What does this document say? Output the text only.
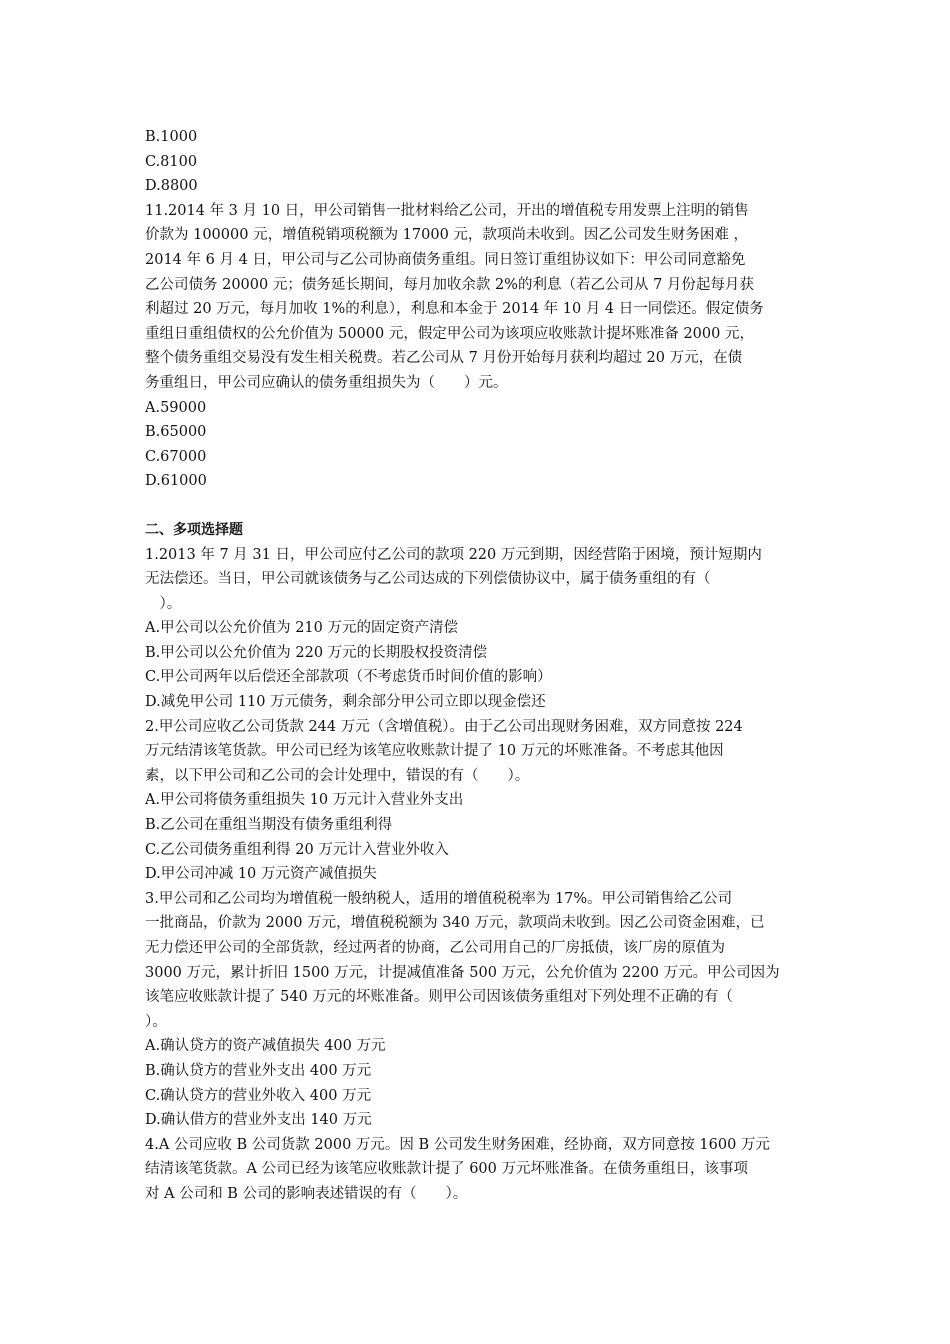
B.1000
C.8100
D.8800
11.2014 年 3 月 10 日，甲公司销售一批材料给乙公司，开出的增值税专用发票上注明的销售
价款为 100000 元，增值税销项税额为 17000 元，款项尚未收到。因乙公司发生财务困难 ，
2014 年 6 月 4 日，甲公司与乙公司协商债务重组。同日签订重组协议如下：甲公司同意豁免
乙公司债务 20000 元；债务延长期间，每月加收余款 2%的利息（若乙公司从 7 月份起每月获
利超过 20 万元，每月加收 1%的利息），利息和本金于 2014 年 10 月 4 日一同偿还。假定债务
重组日重组债权的公允价值为 50000 元，假定甲公司为该项应收账款计提坏账准备 2000 元，
整个债务重组交易没有发生相关税费。若乙公司从 7 月份开始每月获利均超过 20 万元，在债
务重组日，甲公司应确认的债务重组损失为（　　）元。
A.59000
B.65000
C.67000
D.61000
二、多项选择题
1.2013 年 7 月 31 日，甲公司应付乙公司的款项 220 万元到期，因经营陷于困境，预计短期内
无法偿还。当日，甲公司就该债务与乙公司达成的下列偿债协议中，属于债务重组的有（
　）。
A.甲公司以公允价值为 210 万元的固定资产清偿
B.甲公司以公允价值为 220 万元的长期股权投资清偿
C.甲公司两年以后偿还全部款项（不考虑货币时间价值的影响）
D.减免甲公司 110 万元债务，剩余部分甲公司立即以现金偿还
2.甲公司应收乙公司货款 244 万元（含增值税）。由于乙公司出现财务困难，双方同意按 224
万元结清该笔货款。甲公司已经为该笔应收账款计提了 10 万元的坏账准备。不考虑其他因
素，以下甲公司和乙公司的会计处理中，错误的有（　　）。
A.甲公司将债务重组损失 10 万元计入营业外支出
B.乙公司在重组当期没有债务重组利得
C.乙公司债务重组利得 20 万元计入营业外收入
D.甲公司冲减 10 万元资产减值损失
3.甲公司和乙公司均为增值税一般纳税人，适用的增值税税率为 17%。甲公司销售给乙公司
一批商品，价款为 2000 万元，增值税税额为 340 万元，款项尚未收到。因乙公司资金困难，已
无力偿还甲公司的全部货款，经过两者的协商，乙公司用自己的厂房抵债，该厂房的原值为
3000 万元，累计折旧 1500 万元，计提减值准备 500 万元，公允价值为 2200 万元。甲公司因为
该笔应收账款计提了 540 万元的坏账准备。则甲公司因该债务重组对下列处理不正确的有（
）。
A.确认贷方的资产减值损失 400 万元
B.确认贷方的营业外支出 400 万元
C.确认贷方的营业外收入 400 万元
D.确认借方的营业外支出 140 万元
4.A 公司应收 B 公司货款 2000 万元。因 B 公司发生财务困难，经协商，双方同意按 1600 万元
结清该笔货款。A 公司已经为该笔应收账款计提了 600 万元坏账准备。在债务重组日，该事项
对 A 公司和 B 公司的影响表述错误的有（　　）。
